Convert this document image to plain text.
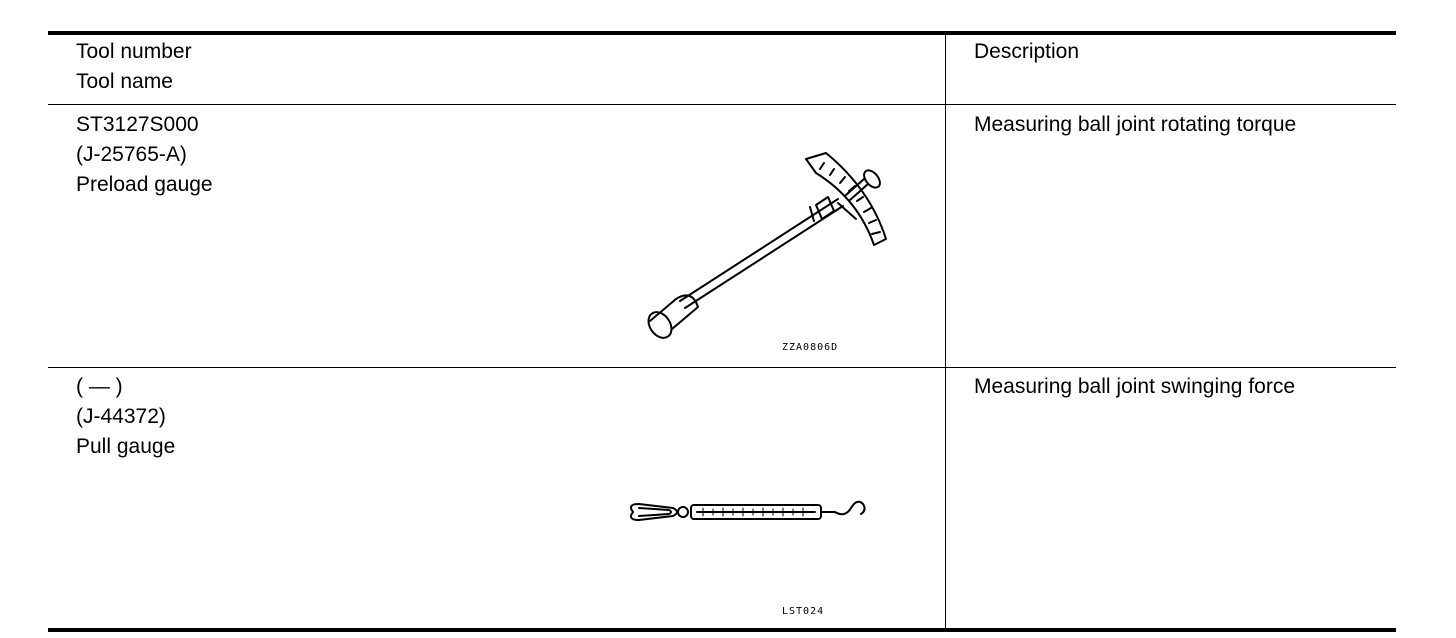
Tool number
Tool name
Description
ST3127S000
(J-25765-A)
Preload gauge
Measuring ball joint rotating torque
ZZA0806D
( — )
(J-44372)
Pull gauge
Measuring ball joint swinging force
LST024
